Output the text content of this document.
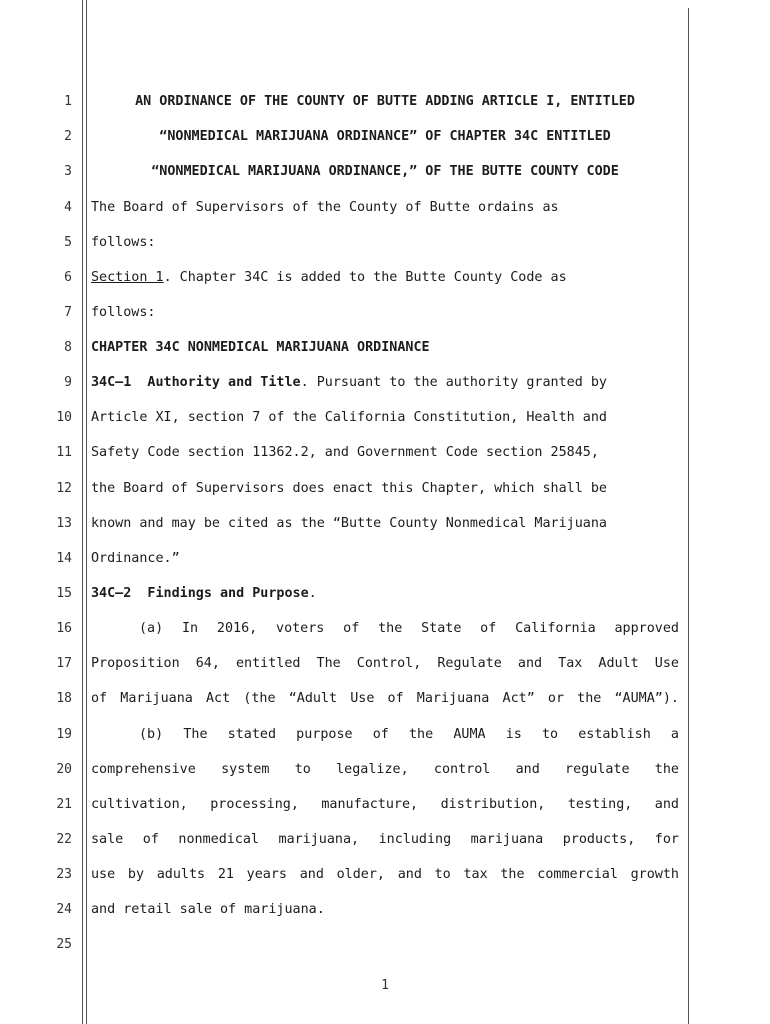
1
2
3
4
5
6
7
8
9
10
11
12
13
14
15
16
17
18
19
20
21
22
23
24
25
AN ORDINANCE OF THE COUNTY OF BUTTE ADDING ARTICLE I, ENTITLED
“NONMEDICAL MARIJUANA ORDINANCE” OF CHAPTER 34C ENTITLED
“NONMEDICAL MARIJUANA ORDINANCE,” OF THE BUTTE COUNTY CODE
The Board of Supervisors of the County of Butte ordains as
follows:
Section 1. Chapter 34C is added to the Butte County Code as
follows:
CHAPTER 34C NONMEDICAL MARIJUANA ORDINANCE
34C–1  Authority and Title. Pursuant to the authority granted by
Article XI, section 7 of the California Constitution, Health and
Safety Code section 11362.2, and Government Code section 25845,
the Board of Supervisors does enact this Chapter, which shall be
known and may be cited as the “Butte County Nonmedical Marijuana
Ordinance.”
34C–2  Findings and Purpose.
(a) In 2016, voters of the State of California approved
Proposition 64, entitled The Control, Regulate and Tax Adult Use
of Marijuana Act (the “Adult Use of Marijuana Act” or the “AUMA”).
(b) The stated purpose of the AUMA is to establish a
comprehensive system to legalize, control and regulate the
cultivation, processing, manufacture, distribution, testing, and
sale of nonmedical marijuana, including marijuana products, for
use by adults 21 years and older, and to tax the commercial growth
and retail sale of marijuana.
1
